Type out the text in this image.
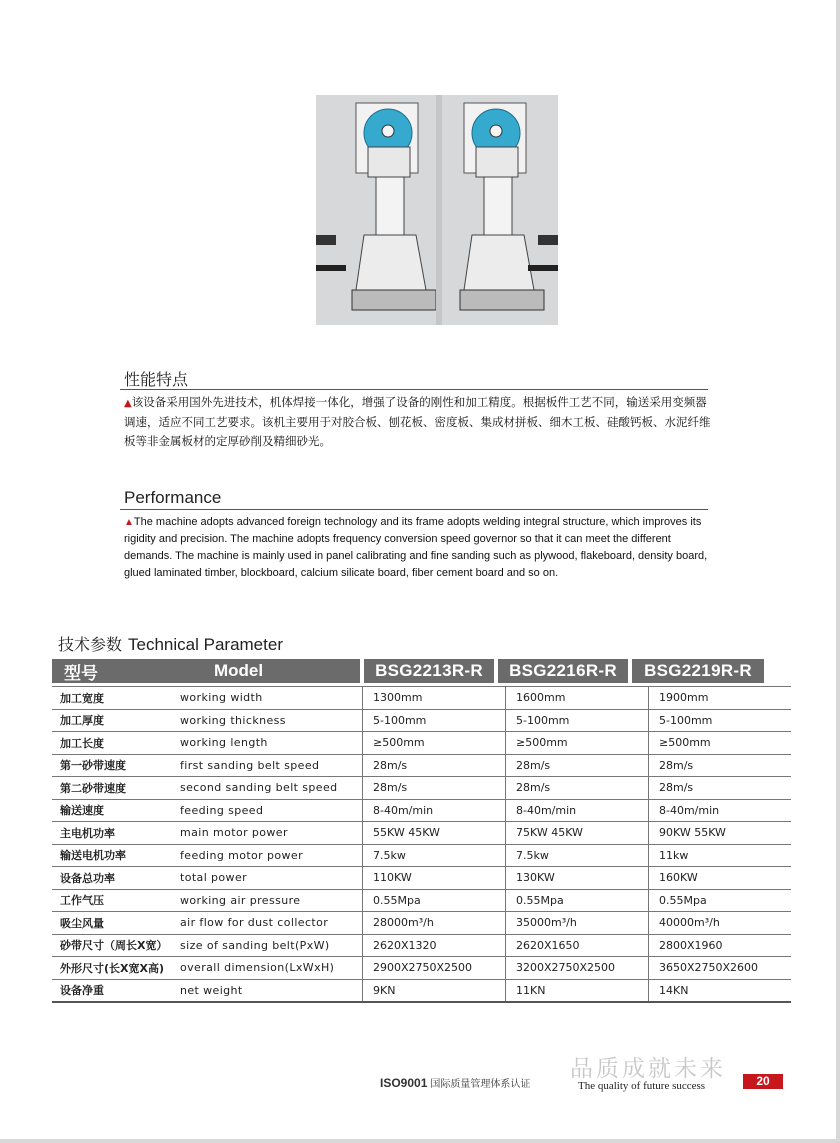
性能特点
▲该设备采用国外先进技术，机体焊接一体化，增强了设备的刚性和加工精度。根据板件工艺不同，输送采用变频器调速，适应不同工艺要求。该机主要用于对胶合板、刨花板、密度板、集成材拼板、细木工板、硅酸钙板、水泥纤维板等非金属板材的定厚砂削及精细砂光。
Performance
▲The machine adopts advanced foreign technology and its frame adopts welding integral structure, which improves its rigidity and precision. The machine adopts frequency conversion speed governor so that it can meet the different demands. The machine is mainly used in panel calibrating and fine sanding such as plywood, flakeboard, density board, glued laminated timber, blockboard, calcium silicate board, fiber cement board and so on.
技术参数 Technical Parameter
型号	Model	BSG2213R-R	BSG2216R-R	BSG2219R-R
加工宽度	working width	1300mm	1600mm	1900mm
加工厚度	working thickness	5-100mm	5-100mm	5-100mm
加工长度	working length	≥500mm	≥500mm	≥500mm
第一砂带速度	first sanding belt speed	28m/s	28m/s	28m/s
第二砂带速度	second sanding belt speed	28m/s	28m/s	28m/s
输送速度	feeding speed	8-40m/min	8-40m/min	8-40m/min
主电机功率	main motor power	55KW 45KW	75KW 45KW	90KW 55KW
输送电机功率	feeding motor power	7.5kw	7.5kw	11kw
设备总功率	total power	110KW	130KW	160KW
工作气压	working air pressure	0.55Mpa	0.55Mpa	0.55Mpa
吸尘风量	air flow for dust collector	28000m³/h	35000m³/h	40000m³/h
砂带尺寸（周长X宽）	size of sanding belt(PxW)	2620X1320	2620X1650	2800X1960
外形尺寸(长X宽X高)	overall dimension(LxWxH)	2900X2750X2500	3200X2750X2500	3650X2750X2600
设备净重	net weight	9KN	11KN	14KN
ISO9001 国际质量管理体系认证
品质成就未来
The quality of future success	20
